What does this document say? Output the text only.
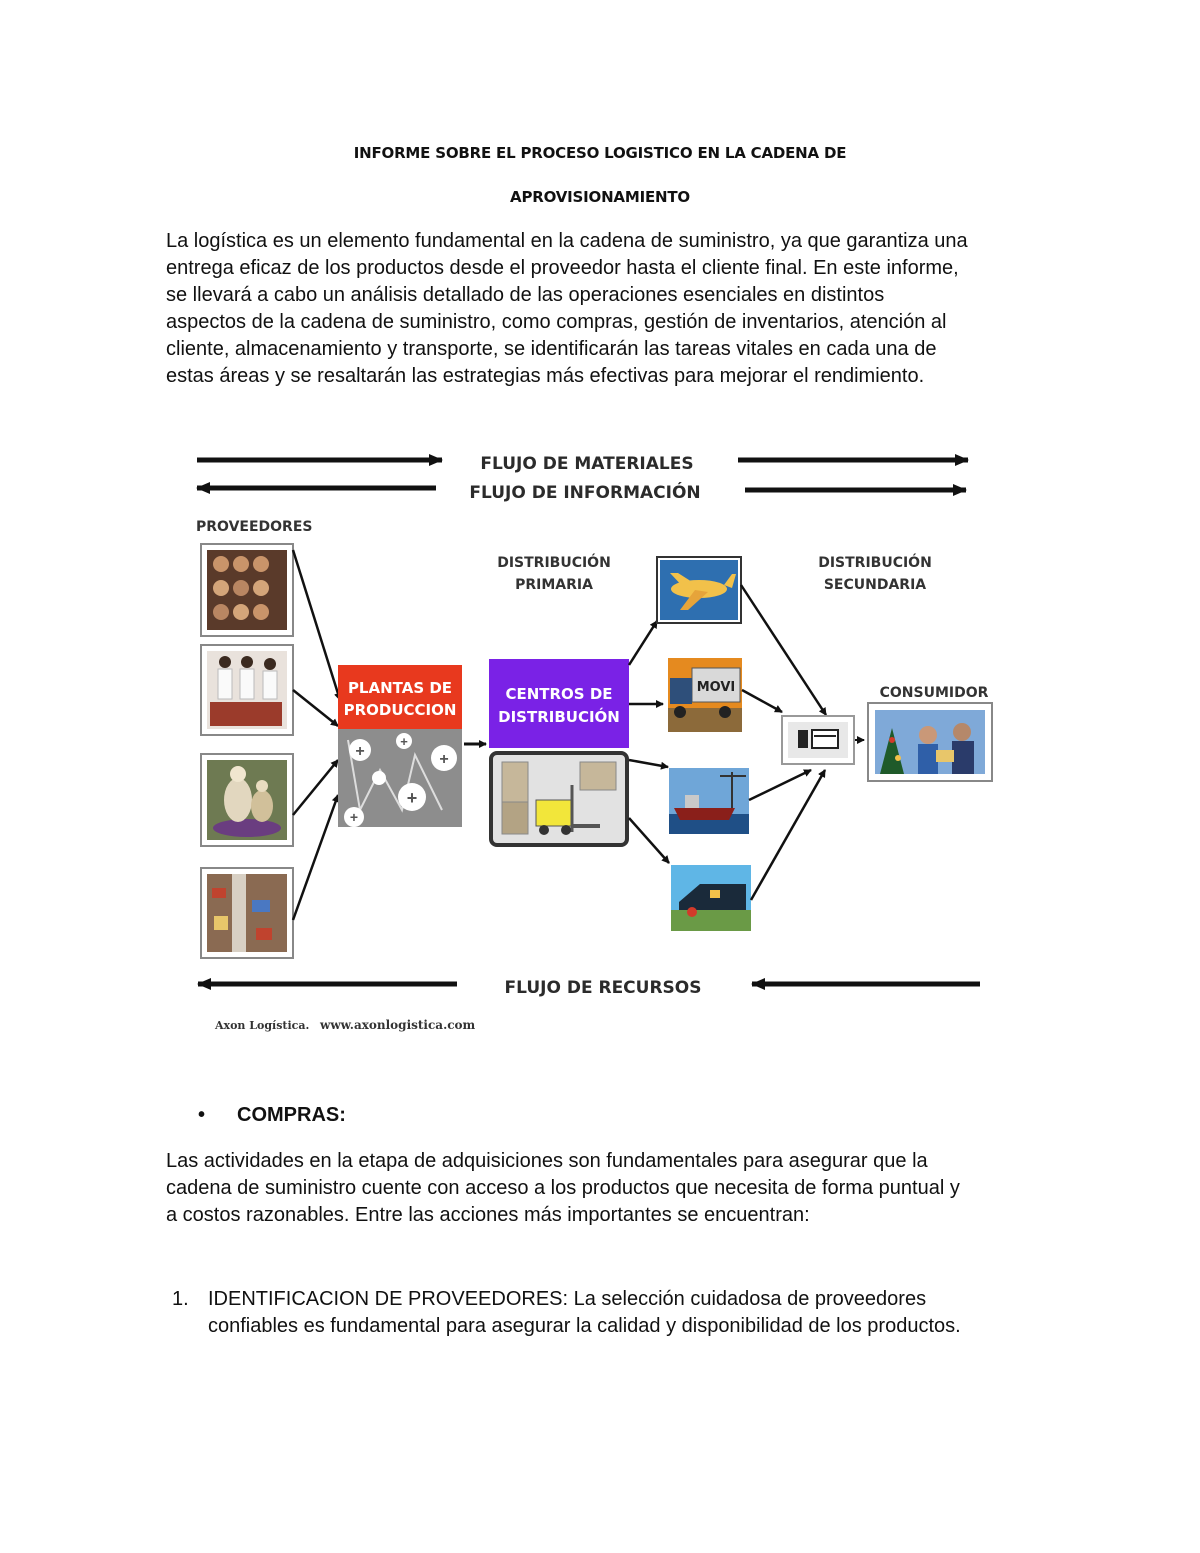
INFORME SOBRE EL PROCESO LOGISTICO EN LA CADENA DE
APROVISIONAMIENTO
La logística es un elemento fundamental en la cadena de suministro, ya que garantiza una
entrega eficaz de los productos desde el proveedor hasta el cliente final. En este informe,
se llevará a cabo un análisis detallado de las operaciones esenciales en distintos
aspectos de la cadena de suministro, como compras, gestión de inventarios, atención al
cliente, almacenamiento y transporte, se identificarán las tareas vitales en cada una de
estas áreas y se resaltarán las estrategias más efectivas para mejorar el rendimiento.
FLUJO DE MATERIALES
FLUJO DE INFORMACIÓN
PROVEEDORES
DISTRIBUCIÓN
PRIMARIA
DISTRIBUCIÓN
SECUNDARIA
CONSUMIDOR
PLANTAS DE
PRODUCCION
+
+
+
+
+
CENTROS DE
DISTRIBUCIÓN
MOVI
FLUJO DE RECURSOS
Axon Logística. www.axonlogistica.com
• COMPRAS:
Las actividades en la etapa de adquisiciones son fundamentales para asegurar que la
cadena de suministro cuente con acceso a los productos que necesita de forma puntual y
a costos razonables. Entre las acciones más importantes se encuentran:
1. IDENTIFICACION DE PROVEEDORES: La selección cuidadosa de proveedores
confiables es fundamental para asegurar la calidad y disponibilidad de los productos.
